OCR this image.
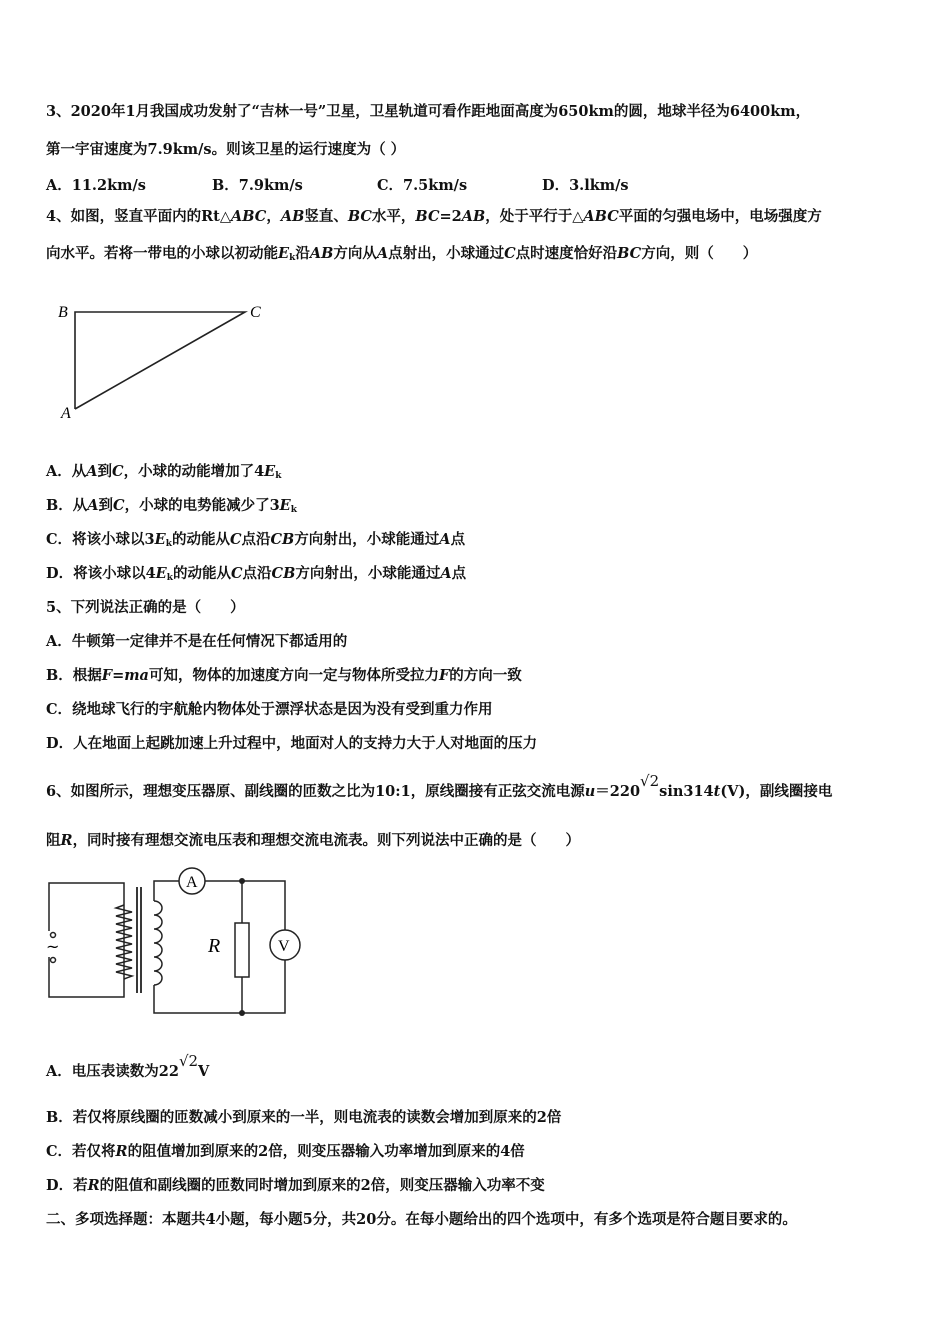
3、2020年1月我国成功发射了“吉林一号”卫星，卫星轨道可看作距地面高度为650km的圆，地球半径为6400km，
第一宇宙速度为7.9km/s。则该卫星的运行速度为（ ）
A．11.2km/s	B．7.9km/s	C．7.5km/s	D．3.lkm/s
4、如图，竖直平面内的Rt△ABC，AB竖直、BC水平，BC=2AB，处于平行于△ABC平面的匀强电场中，电场强度方
向水平。若将一带电的小球以初动能$E_k$沿AB方向从A点射出，小球通过C点时速度恰好沿BC方向，则（　　）
B	C
A
A．从A到C，小球的动能增加了$4E_k$
B．从A到C，小球的电势能减少了$3E_k$
C．将该小球以$3E_k$的动能从C点沿CB方向射出，小球能通过A点
D．将该小球以$4E_k$的动能从C点沿CB方向射出，小球能通过A点
5、下列说法正确的是（　　）
A．牛顿第一定律并不是在任何情况下都适用的
B．根据F=ma可知，物体的加速度方向一定与物体所受拉力F的方向一致
C．绕地球飞行的宇航舱内物体处于漂浮状态是因为没有受到重力作用
D．人在地面上起跳加速上升过程中，地面对人的支持力大于人对地面的压力
6、如图所示，理想变压器原、副线圈的匝数之比为10:1，原线圈接有正弦交流电源u＝220√2sin314t(V)，副线圈接电
阻R，同时接有理想交流电压表和理想交流电流表。则下列说法中正确的是（　　）
A
V
R
~
A．电压表读数为22√2V
B．若仅将原线圈的匝数减小到原来的一半，则电流表的读数会增加到原来的2倍
C．若仅将R的阻值增加到原来的2倍，则变压器输入功率增加到原来的4倍
D．若R的阻值和副线圈的匝数同时增加到原来的2倍，则变压器输入功率不变
二、多项选择题：本题共4小题，每小题5分，共20分。在每小题给出的四个选项中，有多个选项是符合题目要求的。
